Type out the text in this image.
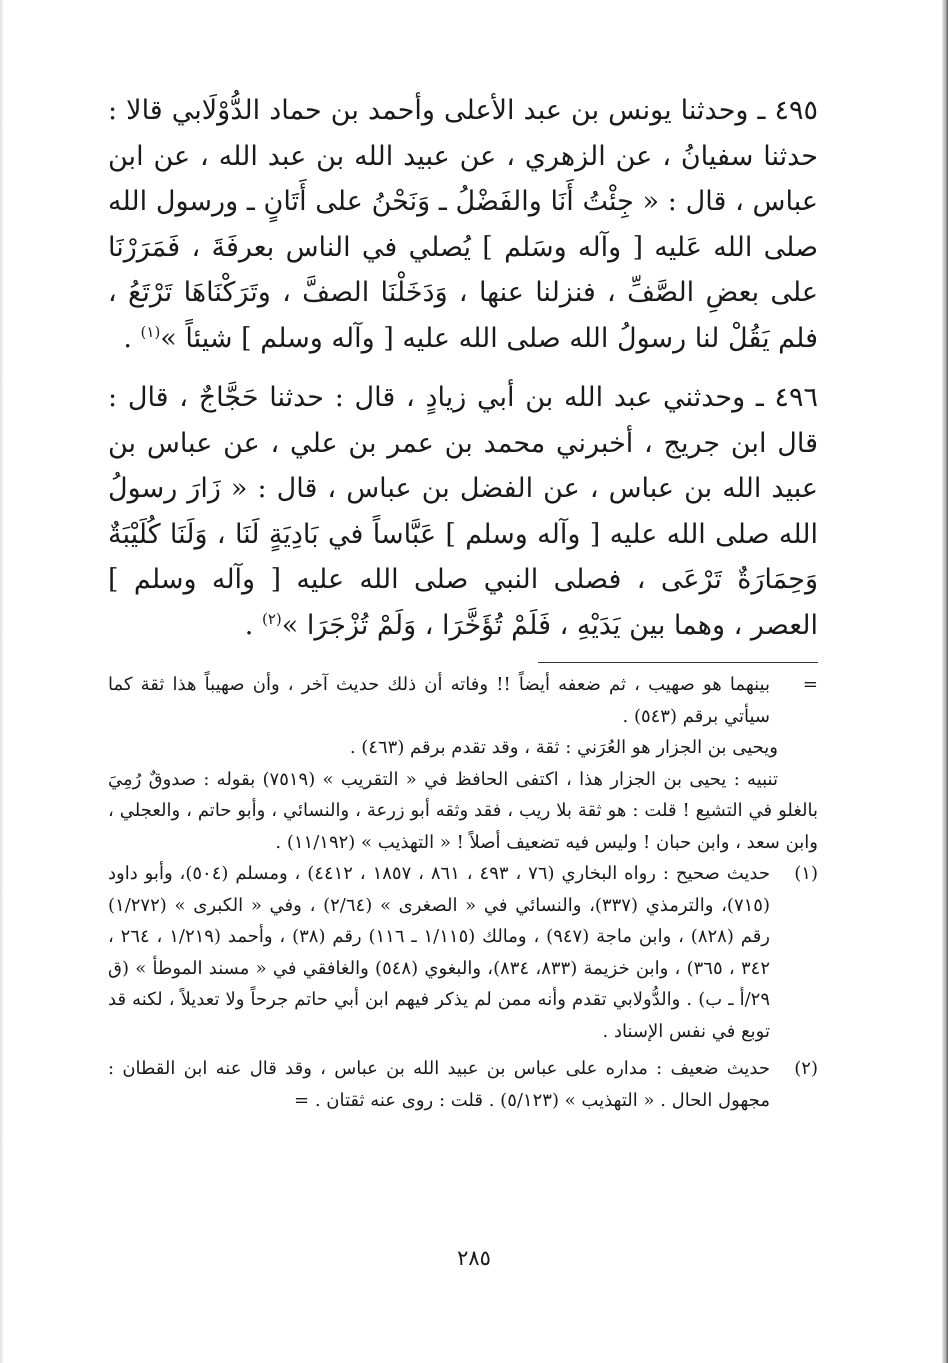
٤٩٥ ـ وحدثنا يونس بن عبد الأعلى وأحمد بن حماد الدُّوْلَابي قالا : حدثنا سفيانُ ، عن الزهري ، عن عبيد الله بن عبد الله ، عن ابن عباس ، قال : « جِئْتُ أَنَا والفَضْلُ ـ وَنَحْنُ على أَتَانٍ ـ ورسول الله صلى الله عَليه [ وآله وسَلم ] يُصلي في الناس بعرفَةَ ، فَمَرَرْنَا على بعضِ الصَّفِّ ، فنزلنا عنها ، وَدَخَلْنَا الصفَّ ، وتَرَكْنَاهَا تَرْتَعُ ، فلم يَقُلْ لنا رسولُ الله صلى الله عليه [ وآله وسلم ] شيئاً »$^{(١)}$ .

٤٩٦ ـ وحدثني عبد الله بن أبي زيادٍ ، قال : حدثنا حَجَّاجٌ ، قال : قال ابن جريج ، أخبرني محمد بن عمر بن علي ، عن عباس بن عبيد الله بن عباس ، عن الفضل بن عباس ، قال : « زَارَ رسولُ الله صلى الله عليه [ وآله وسلم ] عَبَّاساً في بَادِيَةٍ لَنَا ، وَلَنَا كُلَيْبَةٌ وَحِمَارَةٌ تَرْعَى ، فصلى النبي صلى الله عليه [ وآله وسلم ] العصر ، وهما بين يَدَيْهِ ، فَلَمْ تُؤَخَّرَا ، وَلَمْ تُزْجَرَا »$^{(٢)}$ .

=
بينهما هو صهيب ، ثم ضعفه أيضاً !! وفاته أن ذلك حديث آخر ، وأن صهيباً هذا ثقة كما سيأتي برقم (٥٤٣) .
ويحيى بن الجزار هو العُرَني : ثقة ، وقد تقدم برقم (٤٦٣) .
تنبيه : يحيى بن الجزار هذا ، اكتفى الحافظ في « التقريب » (٧٥١٩) بقوله : صدوقٌ رُمِيَ بالغلو في التشيع ! قلت : هو ثقة بلا ريب ، فقد وثقه أبو زرعة ، والنسائي ، وأبو حاتم ، والعجلي ، وابن سعد ، وابن حبان ! وليس فيه تضعيف أصلاً ! « التهذيب » (١١/١٩٢) .
(١)
حديث صحيح : رواه البخاري (٧٦ ، ٤٩٣ ، ٨٦١ ، ١٨٥٧ ، ٤٤١٢) ، ومسلم (٥٠٤)، وأبو داود (٧١٥)، والترمذي (٣٣٧)، والنسائي في « الصغرى » (٢/٦٤) ، وفي « الكبرى » (١/٢٧٢) رقم (٨٢٨) ، وابن ماجة (٩٤٧) ، ومالك (١/١١٥ ـ ١١٦) رقم (٣٨) ، وأحمد (١/٢١٩ ، ٢٦٤ ، ٣٤٢ ، ٣٦٥) ، وابن خزيمة (٨٣٣، ٨٣٤)، والبغوي (٥٤٨) والغافقي في « مسند الموطأ » (ق ٢٩/أ ـ ب) . والدُّولابي تقدم وأنه ممن لم يذكر فيهم ابن أبي حاتم جرحاً ولا تعديلاً ، لكنه قد توبع في نفس الإسناد .
(٢)
حديث ضعيف : مداره على عباس بن عبيد الله بن عباس ، وقد قال عنه ابن القطان : مجهول الحال . « التهذيب » (٥/١٢٣) . قلت : روى عنه ثقتان . =
٢٨٥
